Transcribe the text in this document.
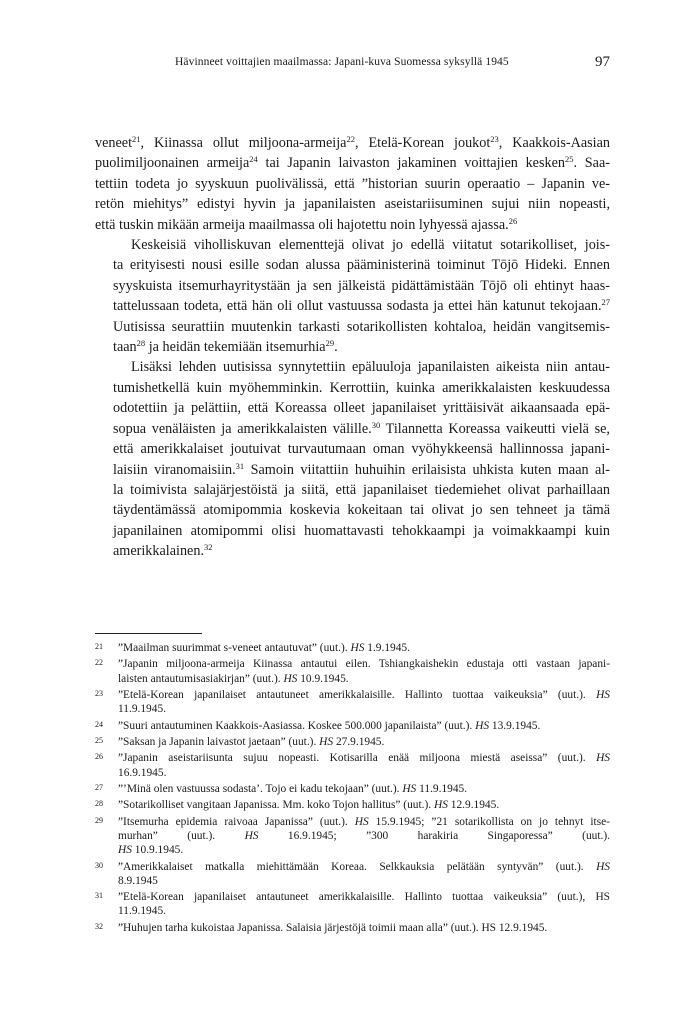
Hävinneet voittajien maailmassa: Japani-kuva Suomessa syksyllä 1945	97

veneet$^{21}$, Kiinassa ollut miljoona-armeija$^{22}$, Etelä-Korean joukot$^{23}$, Kaakkois-Aasian
puolimiljoonainen armeija$^{24}$ tai Japanin laivaston jakaminen voittajien kesken$^{25}$. Saa-
tettiin todeta jo syyskuun puolivälissä, että ”historian suurin operaatio – Japanin ve-
retön miehitys” edistyi hyvin ja japanilaisten aseistariisuminen sujui niin nopeasti,
että tuskin mikään armeija maailmassa oli hajotettu noin lyhyessä ajassa.$^{26}$

Keskeisiä viholliskuvan elementtejä olivat jo edellä viitatut sotarikolliset, jois-
ta erityisesti nousi esille sodan alussa pääministerinä toiminut Tōjō Hideki. Ennen
syyskuista itsemurhayritystään ja sen jälkeistä pidättämistään Tōjō oli ehtinyt haas-
tattelussaan todeta, että hän oli ollut vastuussa sodasta ja ettei hän katunut tekojaan.$^{27}$
Uutisissa seurattiin muutenkin tarkasti sotarikollisten kohtaloa, heidän vangitsemis-
taan$^{28}$ ja heidän tekemiään itsemurhia$^{29}$.

Lisäksi lehden uutisissa synnytettiin epäluuloja japanilaisten aikeista niin antau-
tumishetkellä kuin myöhemminkin. Kerrottiin, kuinka amerikkalaisten keskuudessa
odotettiin ja pelättiin, että Koreassa olleet japanilaiset yrittäisivät aikaansaada epä-
sopua venäläisten ja amerikkalaisten välille.$^{30}$ Tilannetta Koreassa vaikeutti vielä se,
että amerikkalaiset joutuivat turvautumaan oman vyöhykkeensä hallinnossa japani-
laisiin viranomaisiin.$^{31}$ Samoin viitattiin huhuihin erilaisista uhkista kuten maan al-
la toimivista salajärjestöistä ja siitä, että japanilaiset tiedemiehet olivat parhaillaan
täydentämässä atomipommia koskevia kokeitaan tai olivat jo sen tehneet ja tämä
japanilainen atomipommi olisi huomattavasti tehokkaampi ja voimakkaampi kuin
amerikkalainen.$^{32}$

21 ”Maailman suurimmat s-veneet antautuvat” (uut.). HS 1.9.1945.
22 ”Japanin miljoona-armeija Kiinassa antautui eilen. Tshiangkaishekin edustaja otti vastaan japani-
laisten antautumisasiakirjan” (uut.). HS 10.9.1945.
23 ”Etelä-Korean japanilaiset antautuneet amerikkalaisille. Hallinto tuottaa vaikeuksia” (uut.). HS
11.9.1945.
24 ”Suuri antautuminen Kaakkois-Aasiassa. Koskee 500.000 japanilaista” (uut.). HS 13.9.1945.
25 ”Saksan ja Japanin laivastot jaetaan” (uut.). HS 27.9.1945.
26 ”Japanin aseistariisunta sujuu nopeasti. Kotisarilla enää miljoona miestä aseissa” (uut.). HS
16.9.1945.
27 ”’Minä olen vastuussa sodasta’. Tojo ei kadu tekojaan” (uut.). HS 11.9.1945.
28 ”Sotarikolliset vangitaan Japanissa. Mm. koko Tojon hallitus” (uut.). HS 12.9.1945.
29 ”Itsemurha epidemia raivoaa Japanissa” (uut.). HS 15.9.1945; ”21 sotarikollista on jo tehnyt itse-
murhan” (uut.). HS 16.9.1945; ”300 harakiria Singaporessa” (uut.).
HS 10.9.1945.
30 ”Amerikkalaiset matkalla miehittämään Koreaa. Selkkauksia pelätään syntyvän” (uut.). HS
8.9.1945
31 ”Etelä-Korean japanilaiset antautuneet amerikkalaisille. Hallinto tuottaa vaikeuksia” (uut.), HS
11.9.1945.
32 ”Huhujen tarha kukoistaa Japanissa. Salaisia järjestöjä toimii maan alla” (uut.). HS 12.9.1945.
